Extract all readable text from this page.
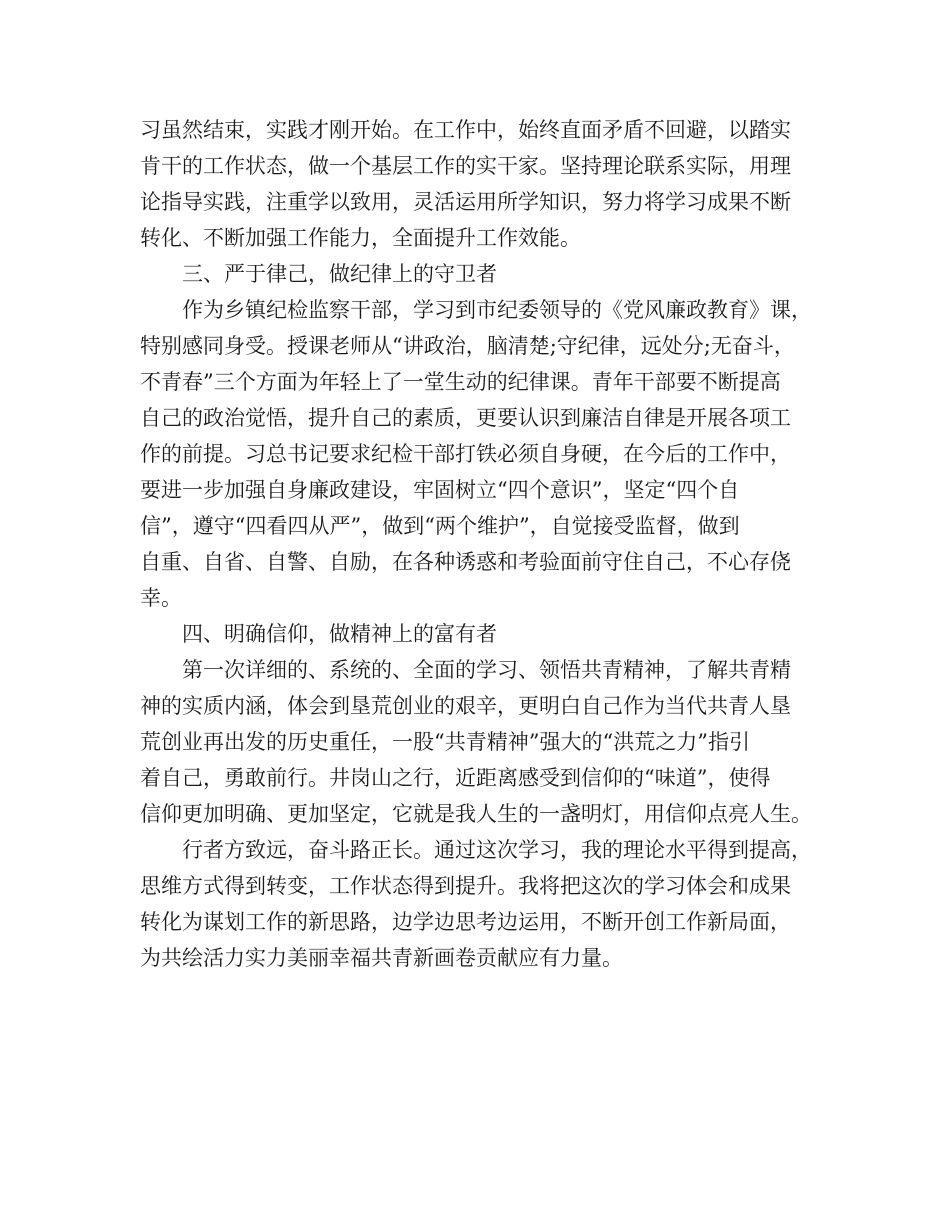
习虽然结束，实践才刚开始。在工作中，始终直面矛盾不回避，以踏实
肯干的工作状态，做一个基层工作的实干家。坚持理论联系实际，用理
论指导实践，注重学以致用，灵活运用所学知识，努力将学习成果不断
转化、不断加强工作能力，全面提升工作效能。
三、严于律己，做纪律上的守卫者
作为乡镇纪检监察干部，学习到市纪委领导的《党风廉政教育》课，
特别感同身受。授课老师从“讲政治，脑清楚;守纪律，远处分;无奋斗，
不青春”三个方面为年轻上了一堂生动的纪律课。青年干部要不断提高
自己的政治觉悟，提升自己的素质，更要认识到廉洁自律是开展各项工
作的前提。习总书记要求纪检干部打铁必须自身硬，在今后的工作中，
要进一步加强自身廉政建设，牢固树立“四个意识”，坚定“四个自
信”，遵守“四看四从严”，做到“两个维护”，自觉接受监督，做到
自重、自省、自警、自励，在各种诱惑和考验面前守住自己，不心存侥
幸。
四、明确信仰，做精神上的富有者
第一次详细的、系统的、全面的学习、领悟共青精神，了解共青精
神的实质内涵，体会到垦荒创业的艰辛，更明白自己作为当代共青人垦
荒创业再出发的历史重任，一股“共青精神”强大的“洪荒之力”指引
着自己，勇敢前行。井岗山之行，近距离感受到信仰的“味道”，使得
信仰更加明确、更加坚定，它就是我人生的一盏明灯，用信仰点亮人生。
行者方致远，奋斗路正长。通过这次学习，我的理论水平得到提高，
思维方式得到转变，工作状态得到提升。我将把这次的学习体会和成果
转化为谋划工作的新思路，边学边思考边运用，不断开创工作新局面，
为共绘活力实力美丽幸福共青新画卷贡献应有力量。
